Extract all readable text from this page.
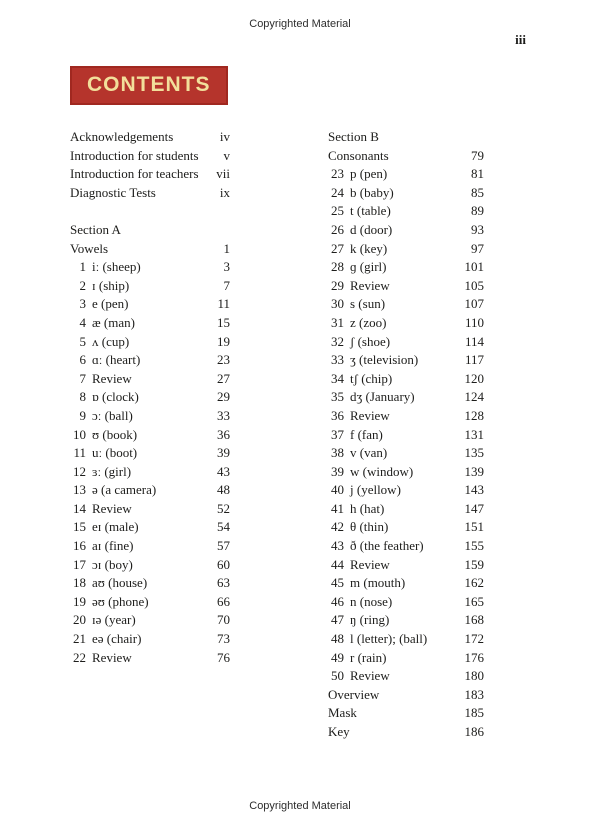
Copyrighted Material
iii
CONTENTS
Acknowledgements	iv
Introduction for students	v
Introduction for teachers	vii
Diagnostic Tests	ix
Section A
Vowels	1
1 iː (sheep)	3
2 ɪ (ship)	7
3 e (pen)	11
4 æ (man)	15
5 ʌ (cup)	19
6 ɑː (heart)	23
7 Review	27
8 ɒ (clock)	29
9 ɔː (ball)	33
10 ʊ (book)	36
11 uː (boot)	39
12 ɜː (girl)	43
13 ə (a camera)	48
14 Review	52
15 eɪ (male)	54
16 aɪ (fine)	57
17 ɔɪ (boy)	60
18 aʊ (house)	63
19 əʊ (phone)	66
20 ɪə (year)	70
21 eə (chair)	73
22 Review	76
Section B
Consonants	79
23 p (pen)	81
24 b (baby)	85
25 t (table)	89
26 d (door)	93
27 k (key)	97
28 ɡ (girl)	101
29 Review	105
30 s (sun)	107
31 z (zoo)	110
32 ʃ (shoe)	114
33 ʒ (television)	117
34 tʃ (chip)	120
35 dʒ (January)	124
36 Review	128
37 f (fan)	131
38 v (van)	135
39 w (window)	139
40 j (yellow)	143
41 h (hat)	147
42 θ (thin)	151
43 ð (the feather)	155
44 Review	159
45 m (mouth)	162
46 n (nose)	165
47 ŋ (ring)	168
48 l (letter); (ball)	172
49 r (rain)	176
50 Review	180
Overview	183
Mask	185
Key	186
Copyrighted Material
